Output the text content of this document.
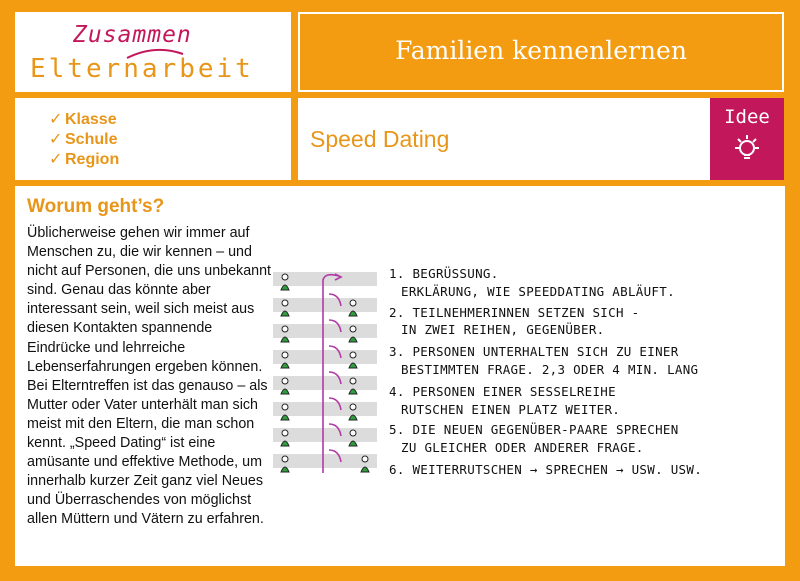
Zusammen
Elternarbeit
Familien kennenlernen
✓ Klasse
✓ Schule
✓ Region
Speed Dating
Idee
Worum geht’s?
Üblicherweise gehen wir immer auf Menschen zu, die wir kennen – und nicht auf Personen, die uns unbekannt sind. Genau das könnte aber interessant sein, weil sich meist aus diesen Kontakten spannende Eindrücke und lehrreiche Lebenserfahrungen ergeben können. Bei Elterntreffen ist das genauso – als Mutter oder Vater unterhält man sich meist mit den Eltern, die man schon kennt. „Speed Dating“ ist eine amüsante und effektive Methode, um innerhalb kurzer Zeit ganz viel Neues und Überraschendes von möglichst allen Müttern und Vätern zu erfahren.
1. BEGRÜSSUNG.
ERKLÄRUNG, WIE SPEEDDATING ABLÄUFT.
2. TEILNEHMERINNEN SETZEN SICH -
IN ZWEI REIHEN, GEGENÜBER.
3. PERSONEN UNTERHALTEN SICH ZU EINER
BESTIMMTEN FRAGE. 2,3 ODER 4 MIN. LANG
4. PERSONEN EINER SESSELREIHE
RUTSCHEN EINEN PLATZ WEITER.
5. DIE NEUEN GEGENÜBER-PAARE SPRECHEN
ZU GLEICHER ODER ANDERER FRAGE.
6. WEITERRUTSCHEN → SPRECHEN → USW. USW.
